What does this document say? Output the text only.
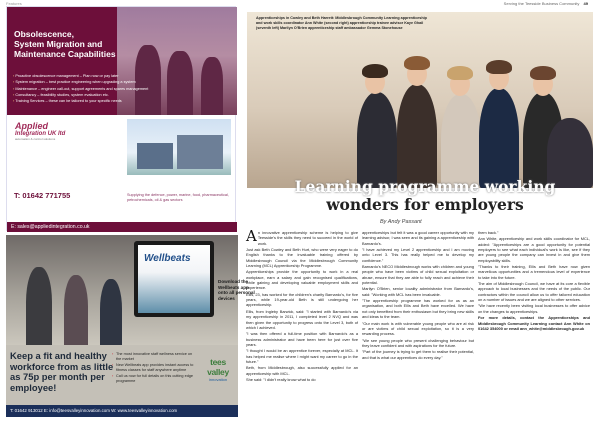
Features	Serving the Teesside Business Community 49
Obsolescence,
System Migration and
Maintenance Capabilities
› Proactive obsolescence management – Plan now or pay later
› System migration – best practice engineering when upgrading a system
› Maintenance – engineer call-out, support agreements and spares management
› Consultancy – feasibility studies, system evaluation etc.
› Training Services – these can be tailored to your specific needs
Applied
Integration UK ltd
automation & control solutions
T: 01642 771755	Supplying the defence, power, marine, food, pharmaceutical, petrochemicals, oil & gas sectors
E: sales@appliedintegration.co.uk
Wellbeats
Download the Wellbeats app onto all personal devices
Keep a fit and healthy workforce from as little as 75p per month per employee!
› The most innovative staff wellness service on the market
› New Wellbeats app provides instant access to fitness classes for staff anywhere anytime
› Call us now for full details on this cutting edge programme
tees valley
innovation
T: 01642 913012 E: info@teesvalleyinnovation.com W: www.teesvalleyinnovation.com
Apprenticeships in Cowley and Beth Harrett: Middlesbrough Community Learning apprenticeship and work skills coordinator Ann White (second right) apprenticeship trainee advisor Kaye Ghail (seventh left) Marilyn O'Brien apprenticeship staff ambassador Gemma Stonehouse
Learning programme working
wonders for employers
By Andy Passant

An innovative apprenticeship scheme is helping to give Teesside's the skills they need to succeed in the world of work.

Just ask Beth Cowley and Beth Hurt, who were very eager to do English thanks to the invaluable training offered by Middlesbrough Council via the Middlesbrough Community Learning (MCL) Apprenticeship Programme.

Apprenticeships provide the opportunity to work in a real workplace, earn a salary and gain recognised qualifications, while gaining and developing valuable employment skills and experience.

Ellis, 23, has worked for the children's charity Barnardo's, for five years, while 19-year-old Beth is still undergoing her apprenticeship.

Ellis, from Ingleby Barwick, said: "I started with Barnardo's via my apprenticeship in 2011, I completed level 2 NVQ and was then given the opportunity to progress onto the Level 3, both of which I achieved.

"I was then offered a full-time position with Barnardo's as a business administrator and have been here for just over five years.

"I thought I would be an apprentice forever, especially at MCL. It has helped me realise where I might want my career to go in the future."

Beth, from Middlesbrough, also successfully applied for an apprenticeship with MCL.

She said: "I didn't really know what to do

apprenticeships but felt it was a good career opportunity with my learning advisor, I was seen and its gaining a apprenticeship with Barnardo's.

"I have achieved my Level 2 apprenticeship and I am moving onto Level 3. This has really helped me to develop my confidence."

Barnardo's NECO Middlesbrough works with children and young people who have been victims of child sexual exploitation or abuse, ensure that they are able to fully reach and achieve their potential.

Marilyn O'Brien, senior locality administrator from Barnardo's, said: "Working with MCL has been invaluable.

"The apprenticeship programme has worked for us as an organisation, and both Ellis and Beth have excelled. We have not only benefited from their enthusiasm but they bring new skills and ideas to the team.

"Our main work is with vulnerable young people who are at risk or are victims of child sexual exploitation, so it is a very rewarding process.

"We see young people who present challenging behaviour but they leave confident and with aspirations for the future.

"Part of the journey is trying to get them to realise their potential, and that is what our apprentices do every day."

them back."

Ann White, apprenticeship and work skills coordinator for MCL, added: "Apprenticeships are a good opportunity for potential employers to see what each individual's work is like, see if they are young people the company can invest in and give them employability skills.

"Thanks to their training, Ellis and Beth have now given marvellous opportunities and a tremendous level of experience to take into the future.

The aim of Middlesbrough Council, we have at its core a flexible approach to local businesses and the needs of the public. Our contractors within the council allow us to offer tailored education on a number of issues and we are aligned to other services.

"We have recently been visiting local businesses to offer advice on the changes to apprenticeships.

For more details, contact the Apprenticeships and Middlesbrough Community Learning contact Ann White on 01642 354000 or email ann_white@middlesbrough.gov.uk
